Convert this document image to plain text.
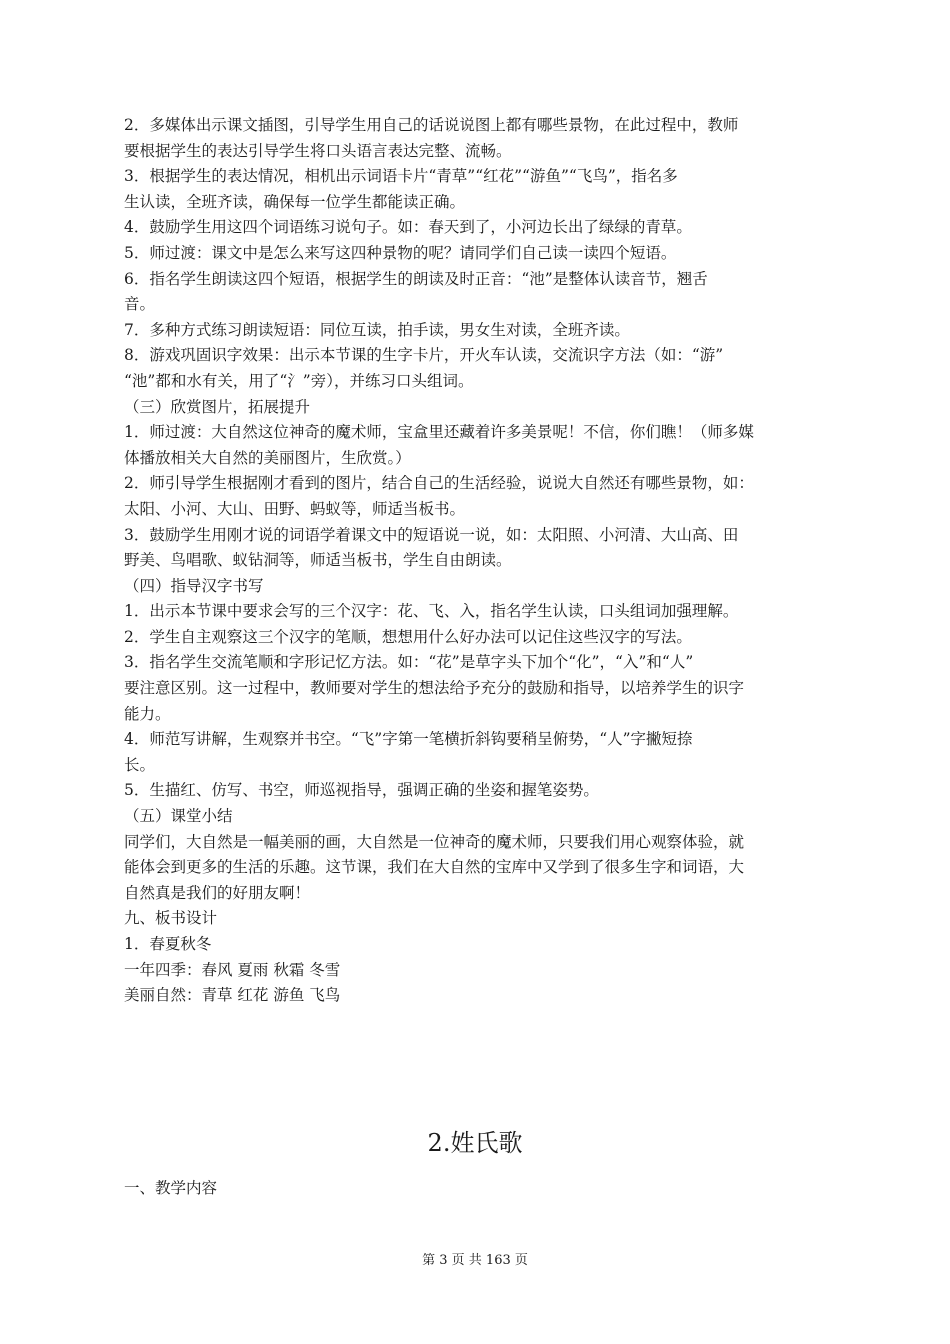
2．多媒体出示课文插图，引导学生用自己的话说说图上都有哪些景物，在此过程中，教师

要根据学生的表达引导学生将口头语言表达完整、流畅。

3．根据学生的表达情况，相机出示词语卡片“青草”“红花”“游鱼”“飞鸟”，指名多

生认读，全班齐读，确保每一位学生都能读正确。

4．鼓励学生用这四个词语练习说句子。如：春天到了，小河边长出了绿绿的青草。

5．师过渡：课文中是怎么来写这四种景物的呢？请同学们自己读一读四个短语。

6．指名学生朗读这四个短语，根据学生的朗读及时正音：“池”是整体认读音节，翘舌

音。

7．多种方式练习朗读短语：同位互读，拍手读，男女生对读，全班齐读。

8．游戏巩固识字效果：出示本节课的生字卡片，开火车认读，交流识字方法（如：“游”

“池”都和水有关，用了“氵”旁），并练习口头组词。

（三）欣赏图片，拓展提升

1．师过渡：大自然这位神奇的魔术师，宝盒里还藏着许多美景呢！不信，你们瞧！（师多媒

体播放相关大自然的美丽图片，生欣赏。）

2．师引导学生根据刚才看到的图片，结合自己的生活经验，说说大自然还有哪些景物，如：

太阳、小河、大山、田野、蚂蚁等，师适当板书。

3．鼓励学生用刚才说的词语学着课文中的短语说一说，如：太阳照、小河清、大山高、田

野美、鸟唱歌、蚁钻洞等，师适当板书，学生自由朗读。

（四）指导汉字书写

1．出示本节课中要求会写的三个汉字：花、飞、入，指名学生认读，口头组词加强理解。

2．学生自主观察这三个汉字的笔顺，想想用什么好办法可以记住这些汉字的写法。

3．指名学生交流笔顺和字形记忆方法。如：“花”是草字头下加个“化”，“入”和“人”

要注意区别。这一过程中，教师要对学生的想法给予充分的鼓励和指导，以培养学生的识字

能力。

4．师范写讲解，生观察并书空。“飞”字第一笔横折斜钩要稍呈俯势，“人”字撇短捺

长。

5．生描红、仿写、书空，师巡视指导，强调正确的坐姿和握笔姿势。

（五）课堂小结

同学们，大自然是一幅美丽的画，大自然是一位神奇的魔术师，只要我们用心观察体验，就

能体会到更多的生活的乐趣。这节课，我们在大自然的宝库中又学到了很多生字和词语，大

自然真是我们的好朋友啊！

九、板书设计

1．春夏秋冬

一年四季：春风 夏雨 秋霜 冬雪

美丽自然：青草 红花 游鱼 飞鸟

2.姓氏歌

一、教学内容

第 3 页 共 163 页
